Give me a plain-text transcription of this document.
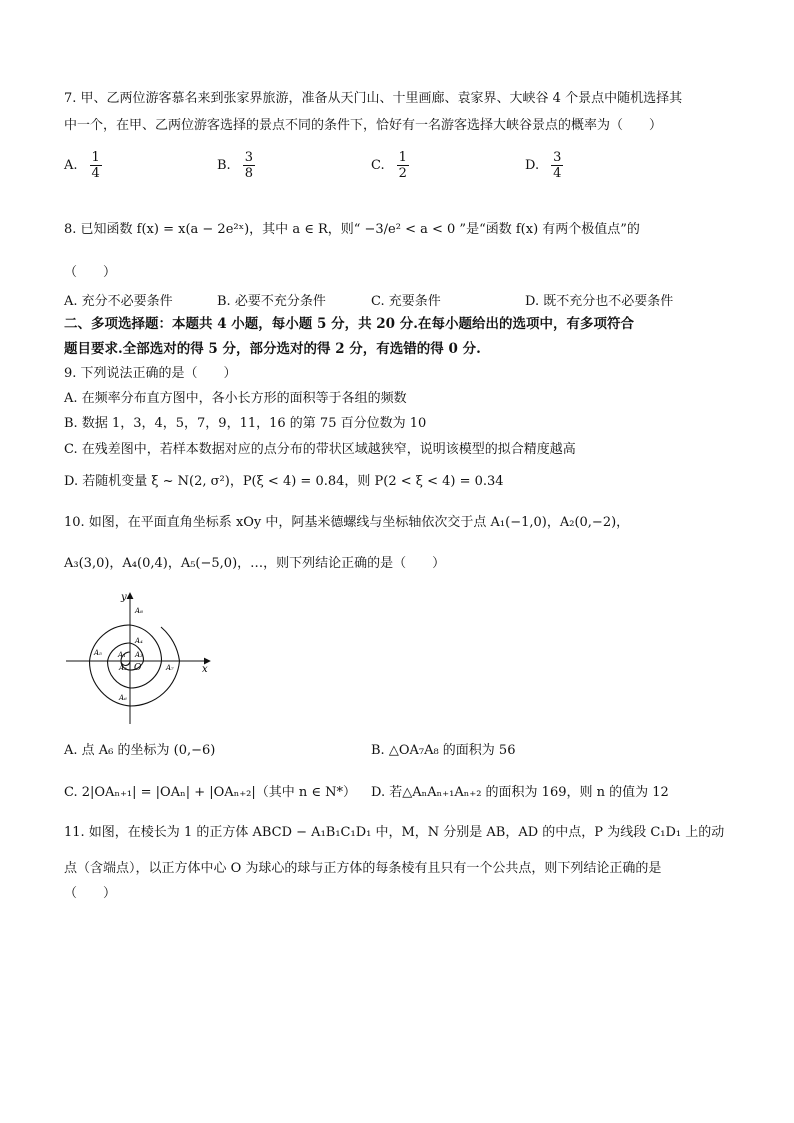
7. 甲、乙两位游客慕名来到张家界旅游，准备从天门山、十里画廊、袁家界、大峡谷 4 个景点中随机选择其
中一个，在甲、乙两位游客选择的景点不同的条件下，恰好有一名游客选择大峡谷景点的概率为（　　）
A. $\frac{1}{4}$	B. $\frac{3}{8}$	C. $\frac{1}{2}$	D. $\frac{3}{4}$
8. 已知函数 f(x) = x(a − 2e²ˣ)，其中 a ∈ R，则“ −3/e² < a < 0 ”是“函数 f(x) 有两个极值点”的
（　　）
A. 充分不必要条件	B. 必要不充分条件	C. 充要条件	D. 既不充分也不必要条件
二、多项选择题：本题共 4 小题，每小题 5 分，共 20 分.在每小题给出的选项中，有多项符合
题目要求.全部选对的得 5 分，部分选对的得 2 分，有选错的得 0 分.
9. 下列说法正确的是（　　）
A. 在频率分布直方图中，各小长方形的面积等于各组的频数
B. 数据 1，3，4，5，7，9，11，16 的第 75 百分位数为 10
C. 在残差图中，若样本数据对应的点分布的带状区域越狭窄，说明该模型的拟合精度越高
D. 若随机变量 ξ ~ N(2, σ²)，P(ξ < 4) = 0.84，则 P(2 < ξ < 4) = 0.34
10. 如图，在平面直角坐标系 xOy 中，阿基米德螺线与坐标轴依次交于点 A₁(−1,0)，A₂(0,−2)，
A₃(3,0)，A₄(0,4)，A₅(−5,0)，…，则下列结论正确的是（　　）
y
x
O
A₁
A₂
A₃
A₄
A₅
A₆
A₇
A₈
A. 点 A₆ 的坐标为 (0,−6)	B. △OA₇A₈ 的面积为 56
C. 2|OAₙ₊₁| = |OAₙ| + |OAₙ₊₂|（其中 n ∈ N*） D. 若△AₙAₙ₊₁Aₙ₊₂ 的面积为 169，则 n 的值为 12
11. 如图，在棱长为 1 的正方体 ABCD − A₁B₁C₁D₁ 中，M，N 分别是 AB，AD 的中点，P 为线段 C₁D₁ 上的动
点（含端点），以正方体中心 O 为球心的球与正方体的每条棱有且只有一个公共点，则下列结论正确的是
（　　）
